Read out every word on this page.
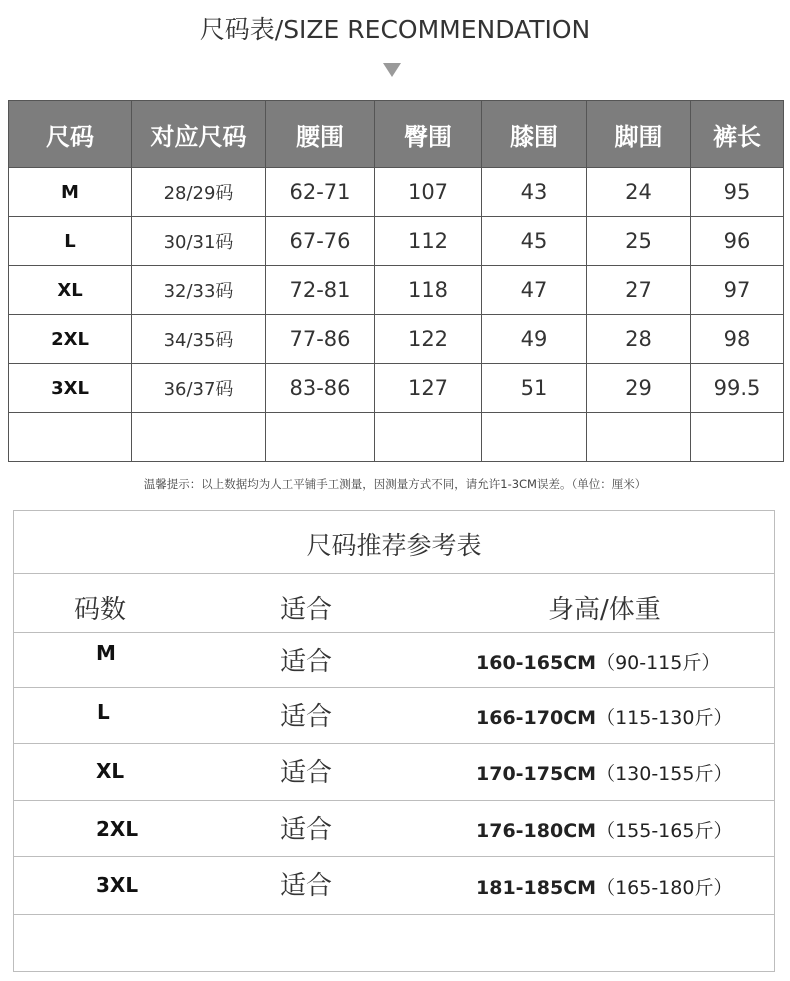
尺码表/SIZE RECOMMENDATION
尺码	对应尺码	腰围	臀围	膝围	脚围	裤长
M	28/29码	62-71	107	43	24	95
L	30/31码	67-76	112	45	25	96
XL	32/33码	72-81	118	47	27	97
2XL	34/35码	77-86	122	49	28	98
3XL	36/37码	83-86	127	51	29	99.5

温馨提示：以上数据均为人工平铺手工测量，因测量方式不同，请允许1-3CM误差。（单位：厘米）
尺码推荐参考表
码数	适合	身高/体重
M	适合	160-165CM（90-115斤）
L	适合	166-170CM（115-130斤）
XL	适合	170-175CM（130-155斤）
2XL	适合	176-180CM（155-165斤）
3XL	适合	181-185CM（165-180斤）
